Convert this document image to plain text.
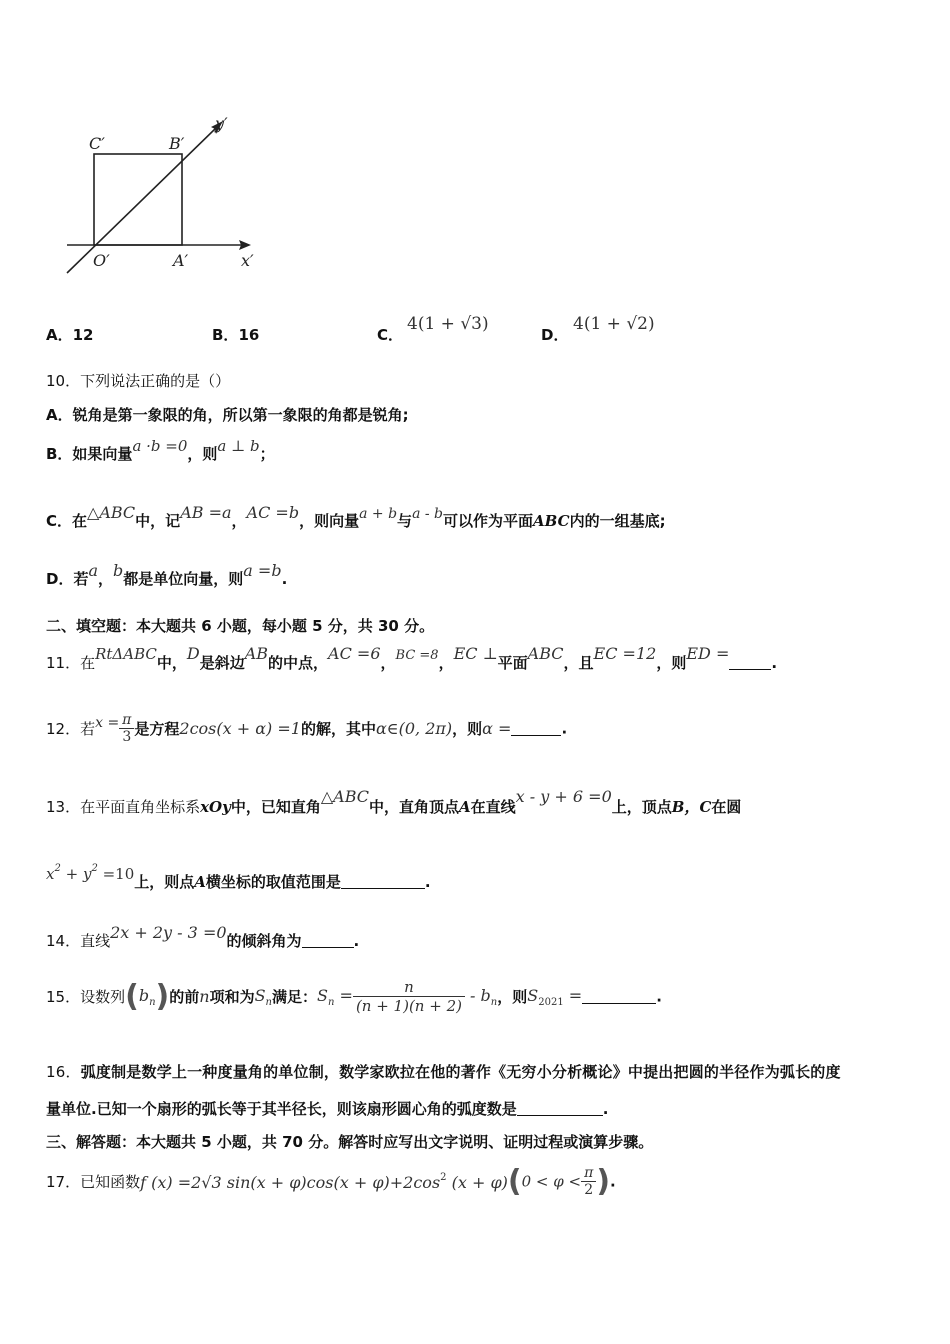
C′	B′
O′	A′	x′
y′
A．12	B．16	C．
4(1 + √3)
D．
4(1 + √2)
10．下列说法正确的是（）
A．锐角是第一象限的角，所以第一象限的角都是锐角;
B．如果向量a ·b =0，则a ⊥ b；
C．在△ABC中，记AB =a，AC =b，则向量a + b与a - b可以作为平面ABC内的一组基底;
D．若a，b都是单位向量，则a =b.
二、填空题：本大题共 6 小题，每小题 5 分，共 30 分。
11．在RtΔABC中，D是斜边AB的中点，AC =6，BC =8，EC ⊥平面ABC，且EC =12，则ED =	.
12．若$x = \frac{\pi}{3}$ 是方程2cos(x + α) =1的解，其中α∈(0, 2π)，则α =	.
13．在平面直角坐标系xOy中，已知直角△ABC中，直角顶点A在直线x - y + 6 =0上，顶点B，C在圆
$x^2 + y^2 =10$上，则点A横坐标的取值范围是	.
14．直线2x + 2y - 3 =0的倾斜角为	.
15．设数列$(b_n)$的前n项和为$S_n$满足：$S_n = \frac{n}{(n + 1)(n + 2)} - b_n$，则$S_{2021}$ =	.
16．弧度制是数学上一种度量角的单位制，数学家欧拉在他的著作《无穷小分析概论》中提出把圆的半径作为弧长的度
量单位.已知一个扇形的弧长等于其半径长，则该扇形圆心角的弧度数是	.
三、解答题：本大题共 5 小题，共 70 分。解答时应写出文字说明、证明过程或演算步骤。
17．已知函数f (x) =2√3 $\sin(x + \varphi)\cos(x + \varphi)+2\cos^2$ $(x + \varphi)(0 < \varphi < \frac{\pi}{2}$ ).
